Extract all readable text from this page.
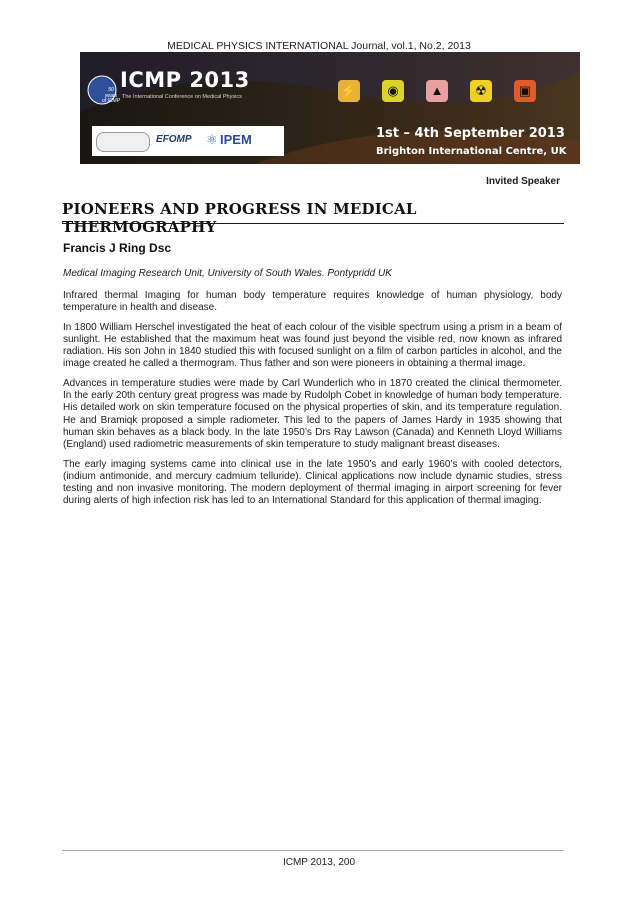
MEDICAL PHYSICS INTERNATIONAL Journal, vol.1, No.2, 2013
50
years
of ICMP
ICMP 2013
The International Conference on Medical Physics	⚡	◉	▲	☢	▣
EFOMP ⚛ IPEM	1st – 4th September 2013
Brighton International Centre, UK
Invited Speaker
PIONEERS AND PROGRESS IN MEDICAL THERMOGRAPHY
Francis J Ring Dsc
Medical Imaging Research Unit, University of South Wales. Pontypridd UK

Infrared thermal Imaging for human body temperature requires knowledge of human physiology, body temperature in health and disease.

In 1800 William Herschel investigated the heat of each colour of the visible spectrum using a prism in a beam of sunlight. He established that the maximum heat was found just beyond the visible red, now known as infrared radiation. His son John in 1840 studied this with focused sunlight on a film of carbon particles in alcohol, and the image created he called a thermogram. Thus father and son were pioneers in obtaining a thermal image.

Advances in temperature studies were made by Carl Wunderlich who in 1870 created the clinical thermometer. In the early 20th century great progress was made by Rudolph Cobet in knowledge of human body temperature. His detailed work on skin temperature focused on the physical properties of skin, and its temperature regulation. He and Bramiqk proposed a simple radiometer. This led to the papers of James Hardy in 1935 showing that human skin behaves as a black body. In the late 1950’s Drs Ray Lawson (Canada) and Kenneth Lloyd Williams (England) used radiometric measurements of skin temperature to study malignant breast diseases.

The early imaging systems came into clinical use in the late 1950’s and early 1960’s with cooled detectors, (indium antimonide, and mercury cadmium telluride). Clinical applications now include dynamic studies, stress testing and non invasive monitoring. The modern deployment of thermal imaging in airport screening for fever during alerts of high infection risk has led to an International Standard for this application of thermal imaging.

ICMP 2013, 200
